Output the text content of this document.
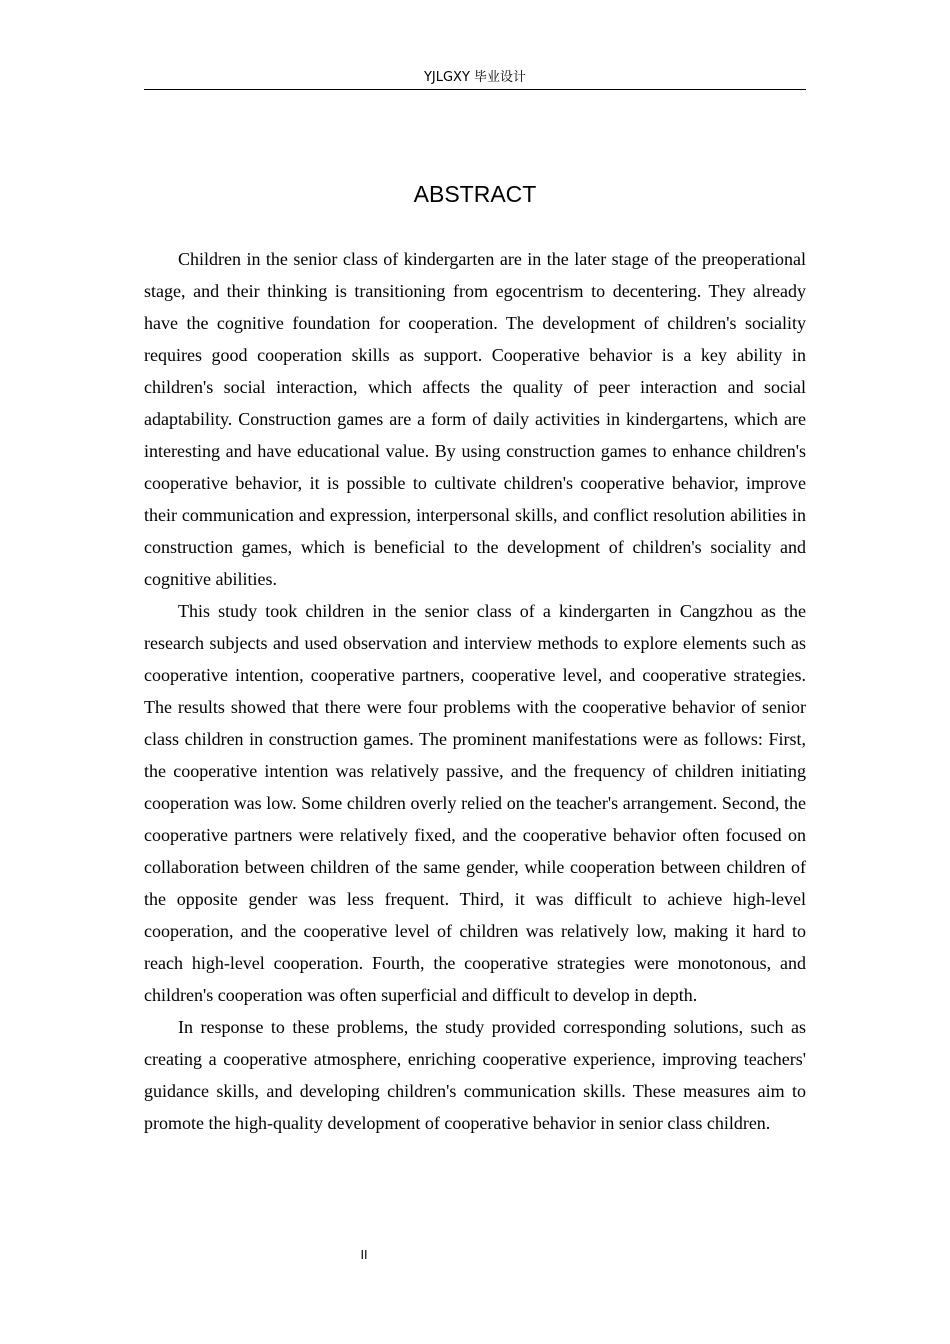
YJLGXY 毕业设计
ABSTRACT

Children in the senior class of kindergarten are in the later stage of the preoperational stage, and their thinking is transitioning from egocentrism to decentering. They already have the cognitive foundation for cooperation. The development of children's sociality requires good cooperation skills as support. Cooperative behavior is a key ability in children's social interaction, which affects the quality of peer interaction and social adaptability. Construction games are a form of daily activities in kindergartens, which are interesting and have educational value. By using construction games to enhance children's cooperative behavior, it is possible to cultivate children's cooperative behavior, improve their communication and expression, interpersonal skills, and conflict resolution abilities in construction games, which is beneficial to the development of children's sociality and cognitive abilities.

This study took children in the senior class of a kindergarten in Cangzhou as the research subjects and used observation and interview methods to explore elements such as cooperative intention, cooperative partners, cooperative level, and cooperative strategies. The results showed that there were four problems with the cooperative behavior of senior class children in construction games. The prominent manifestations were as follows: First, the cooperative intention was relatively passive, and the frequency of children initiating cooperation was low. Some children overly relied on the teacher's arrangement. Second, the cooperative partners were relatively fixed, and the cooperative behavior often focused on collaboration between children of the same gender, while cooperation between children of the opposite gender was less frequent. Third, it was difficult to achieve high-level cooperation, and the cooperative level of children was relatively low, making it hard to reach high-level cooperation. Fourth, the cooperative strategies were monotonous, and children's cooperation was often superficial and difficult to develop in depth.

In response to these problems, the study provided corresponding solutions, such as creating a cooperative atmosphere, enriching cooperative experience, improving teachers' guidance skills, and developing children's communication skills. These measures aim to promote the high-quality development of cooperative behavior in senior class children.

II
